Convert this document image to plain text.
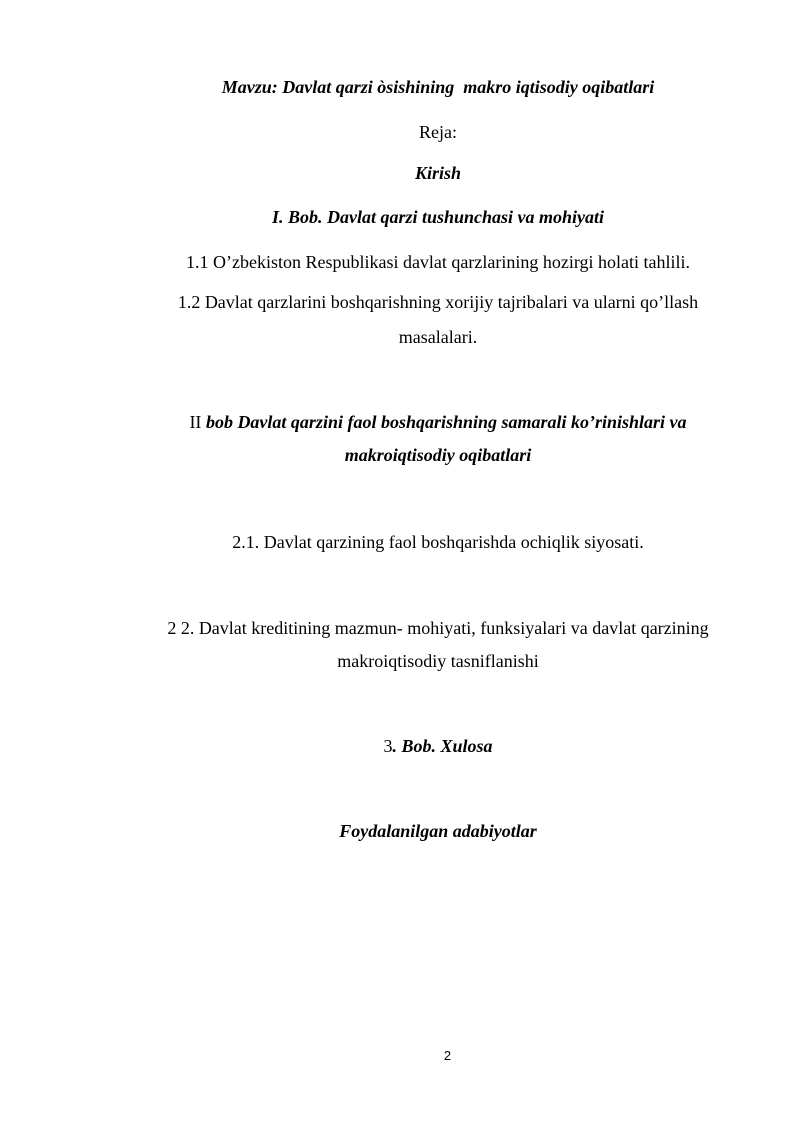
Mavzu: Davlat qarzi òsishining  makro iqtisodiy oqibatlari
Reja:
Kirish
I. Bob. Davlat qarzi tushunchasi va mohiyati
1.1 O’zbekiston Respublikasi davlat qarzlarining hozirgi holati tahlili.
1.2 Davlat qarzlarini boshqarishning xorijiy tajribalari va ularni qo’llash
masalalari.
II bob Davlat qarzini faol boshqarishning samarali ko’rinishlari va
makroiqtisodiy oqibatlari
2.1. Davlat qarzining faol boshqarishda ochiqlik siyosati.
2 2. Davlat kreditining mazmun- mohiyati, funksiyalari va davlat qarzining
makroiqtisodiy tasniflanishi
3. Bob. Xulosa
Foydalanilgan adabiyotlar
2
